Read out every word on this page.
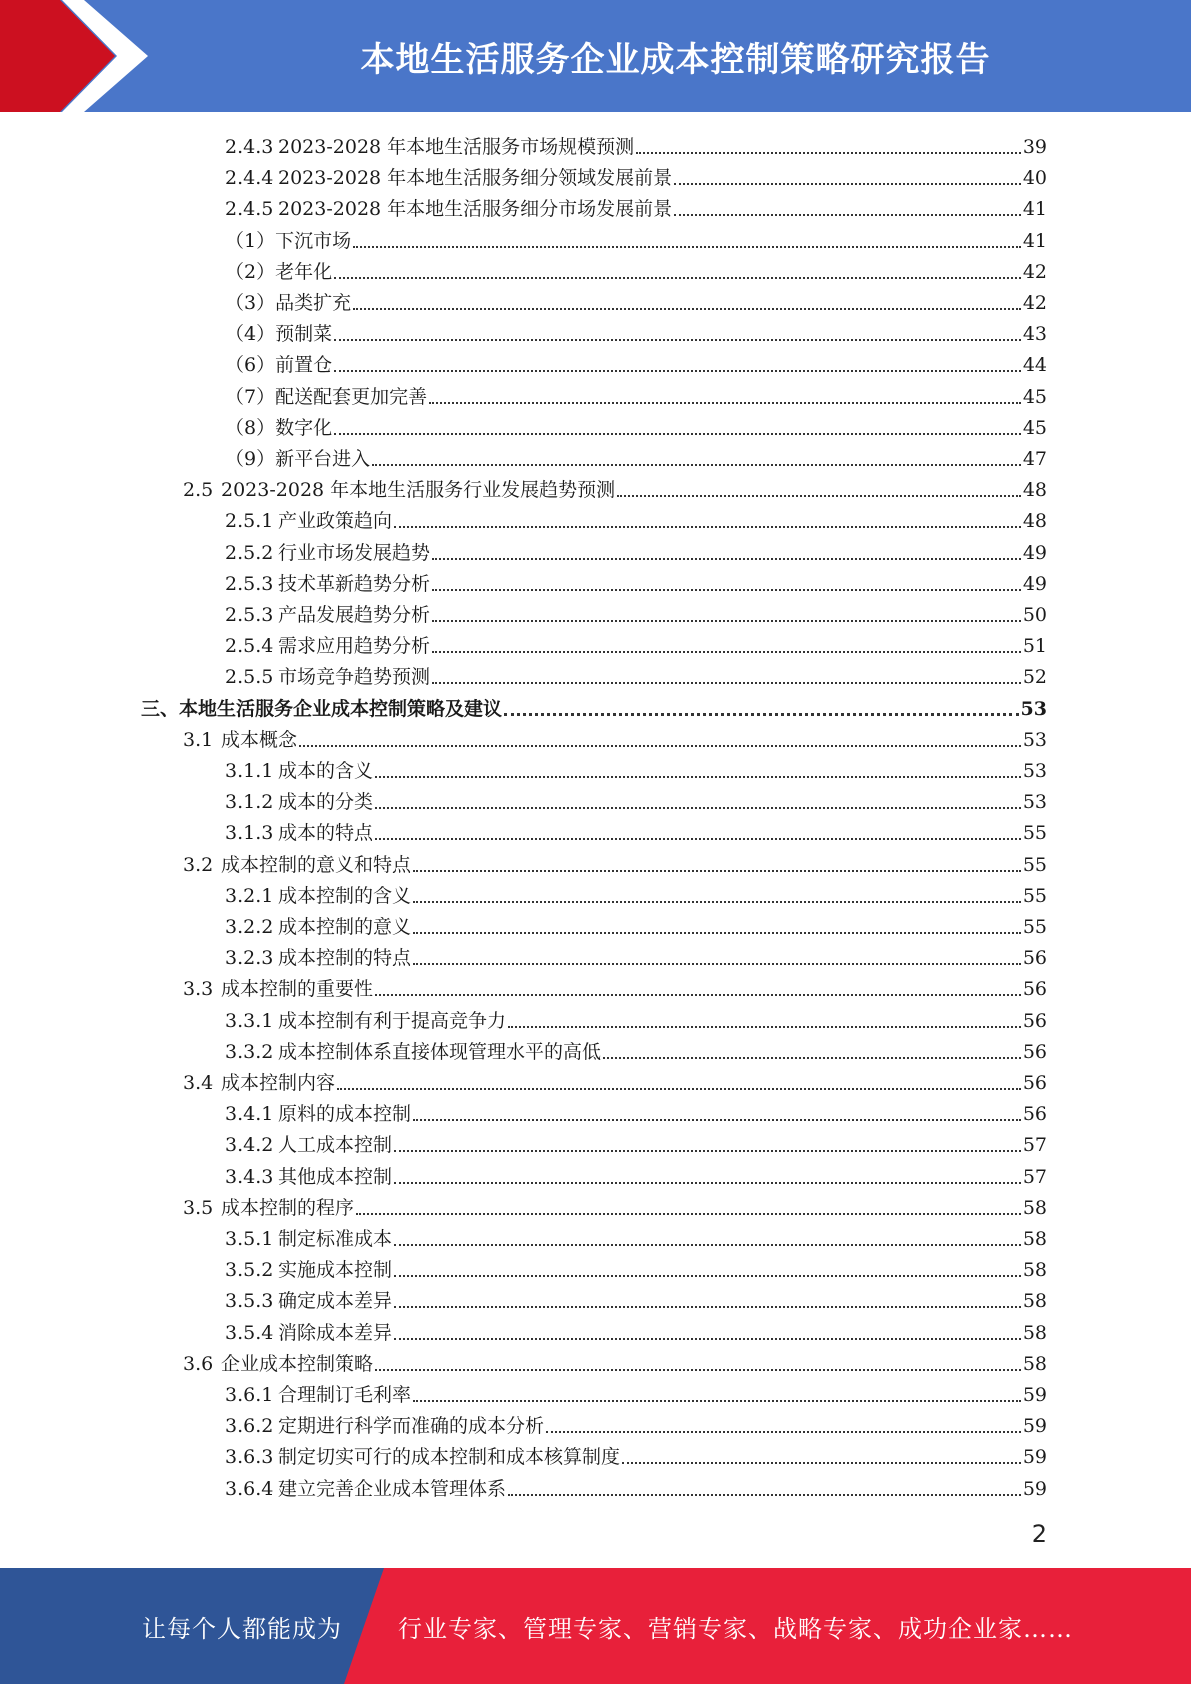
本地生活服务企业成本控制策略研究报告
2.4.3 2023-2028 年本地生活服务市场规模预测	39
2.4.4 2023-2028 年本地生活服务细分领域发展前景	40
2.4.5 2023-2028 年本地生活服务细分市场发展前景	41
（1） 下沉市场	41
（2） 老年化	42
（3） 品类扩充	42
（4） 预制菜	43
（6） 前置仓	44
（7） 配送配套更加完善	45
（8） 数字化	45
（9） 新平台进入	47
2.5 2023-2028 年本地生活服务行业发展趋势预测	48
2.5.1 产业政策趋向	48
2.5.2 行业市场发展趋势	49
2.5.3 技术革新趋势分析	49
2.5.3 产品发展趋势分析	50
2.5.4 需求应用趋势分析	51
2.5.5 市场竞争趋势预测	52
三、 本地生活服务企业成本控制策略及建议	53
3.1 成本概念	53
3.1.1 成本的含义	53
3.1.2 成本的分类	53
3.1.3 成本的特点	55
3.2 成本控制的意义和特点	55
3.2.1 成本控制的含义	55
3.2.2 成本控制的意义	55
3.2.3 成本控制的特点	56
3.3 成本控制的重要性	56
3.3.1 成本控制有利于提高竞争力	56
3.3.2 成本控制体系直接体现管理水平的高低	56
3.4 成本控制内容	56
3.4.1 原料的成本控制	56
3.4.2 人工成本控制	57
3.4.3 其他成本控制	57
3.5 成本控制的程序	58
3.5.1 制定标准成本	58
3.5.2 实施成本控制	58
3.5.3 确定成本差异	58
3.5.4 消除成本差异	58
3.6 企业成本控制策略	58
3.6.1 合理制订毛利率	59
3.6.2 定期进行科学而准确的成本分析	59
3.6.3 制定切实可行的成本控制和成本核算制度	59
3.6.4 建立完善企业成本管理体系	59
2
让每个人都能成为 行业专家、管理专家、营销专家、战略专家、成功企业家……
